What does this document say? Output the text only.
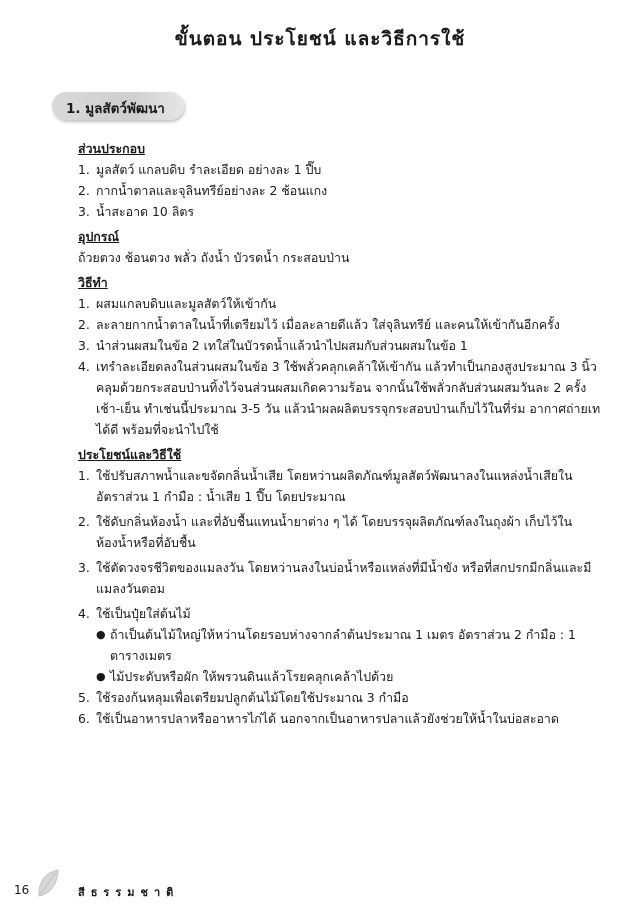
ขั้นตอน ประโยชน์ และวิธีการใช้
1. มูลสัตว์พัฒนา
ส่วนประกอบ
1. มูลสัตว์ แกลบดิบ รำละเอียด อย่างละ 1 ปี๊บ
2. กากน้ำตาลและจุลินทรีย์อย่างละ 2 ช้อนแกง
3. น้ำสะอาด 10 ลิตร
อุปกรณ์
ถ้วยตวง ช้อนตวง พลั่ว ถังน้ำ บัวรดน้ำ กระสอบป่าน
วิธีทำ
1. ผสมแกลบดิบและมูลสัตว์ให้เข้ากัน
2. ละลายกากน้ำตาลในน้ำที่เตรียมไว้ เมื่อละลายดีแล้ว ใส่จุลินทรีย์ และคนให้เข้ากันอีกครั้ง
3. นำส่วนผสมในข้อ 2 เทใส่ในบัวรดน้ำแล้วนำไปผสมกับส่วนผสมในข้อ 1
4. เทรำละเอียดลงในส่วนผสมในข้อ 3 ใช้พลั่วคลุกเคล้าให้เข้ากัน แล้วทำเป็นกองสูงประมาณ 3 นิ้ว คลุมด้วยกระสอบป่านทิ้งไว้จนส่วนผสมเกิดความร้อน จากนั้นใช้พลั่วกลับส่วนผสมวันละ 2 ครั้ง เช้า-เย็น ทำเช่นนี้ประมาณ 3-5 วัน แล้วนำผลผลิตบรรจุกระสอบป่านเก็บไว้ในที่ร่ม อากาศถ่ายเทได้ดี พร้อมที่จะนำไปใช้
ประโยชน์และวิธีใช้
1. ใช้ปรับสภาพน้ำและขจัดกลิ่นน้ำเสีย โดยหว่านผลิตภัณฑ์มูลสัตว์พัฒนาลงในแหล่งน้ำเสียในอัตราส่วน 1 กำมือ : น้ำเสีย 1 ปี๊บ โดยประมาณ
2. ใช้ดับกลิ่นห้องน้ำ และที่อับชื้นแทนน้ำยาต่าง ๆ ได้ โดยบรรจุผลิตภัณฑ์ลงในถุงผ้า เก็บไว้ในห้องน้ำหรือที่อับชื้น
3. ใช้ตัดวงจรชีวิตของแมลงวัน โดยหว่านลงในบ่อน้ำหรือแหล่งที่มีน้ำขัง หรือที่สกปรกมีกลิ่นและมีแมลงวันตอม
4. ใช้เป็นปุ๋ยใส่ต้นไม้
● ถ้าเป็นต้นไม้ใหญ่ให้หว่านโดยรอบห่างจากลำต้นประมาณ 1 เมตร อัตราส่วน 2 กำมือ : 1 ตารางเมตร
● ไม้ประดับหรือผัก ให้พรวนดินแล้วโรยคลุกเคล้าไปด้วย
5. ใช้รองก้นหลุมเพื่อเตรียมปลูกต้นไม้โดยใช้ประมาณ 3 กำมือ
6. ใช้เป็นอาหารปลาหรืออาหารไก่ได้ นอกจากเป็นอาหารปลาแล้วยังช่วยให้น้ำในบ่อสะอาด
16	สีธรรมชาติ
